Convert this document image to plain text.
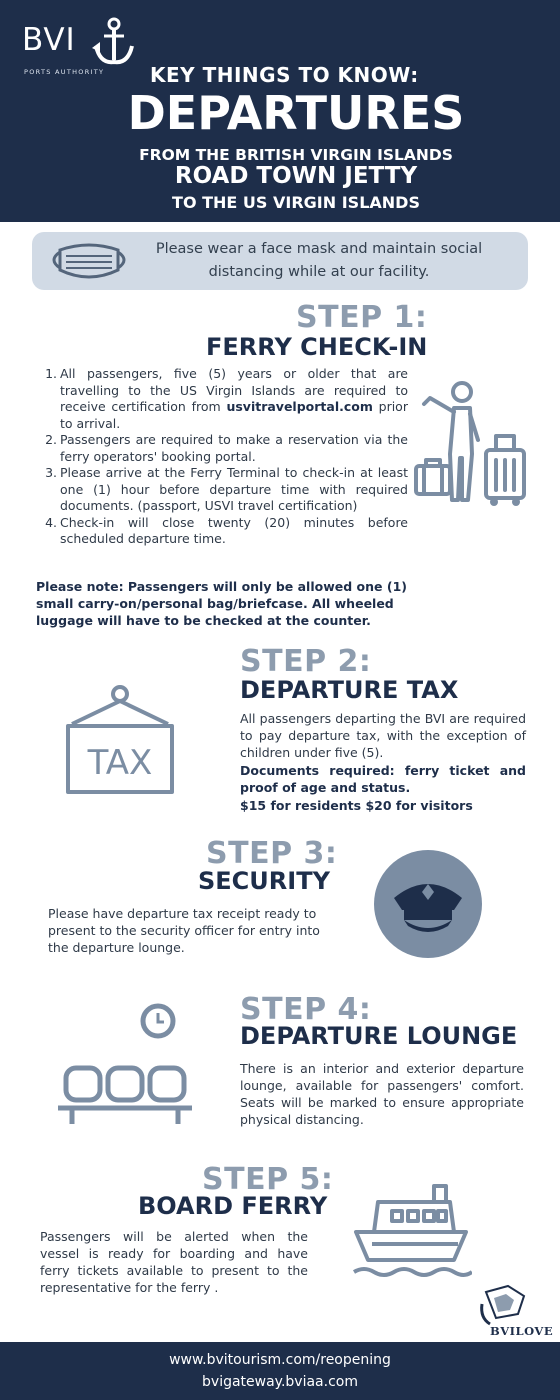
BVI
PORTS AUTHORITY KEY THINGS TO KNOW:
DEPARTURES
FROM THE BRITISH VIRGIN ISLANDS
ROAD TOWN JETTY
TO THE US VIRGIN ISLANDS
Please wear a face mask and maintain social
distancing while at our facility.
STEP 1:
FERRY CHECK-IN
1. All passengers, five (5) years or older that are travelling to the US Virgin Islands are required to receive certification from usvitravelportal.com prior to arrival.
2. Passengers are required to make a reservation via the ferry operators' booking portal.
3. Please arrive at the Ferry Terminal to check-in at least one (1) hour before departure time with required documents. (passport, USVI travel certification)
4. Check-in will close twenty (20) minutes before scheduled departure time.
Please note: Passengers will only be allowed one (1) small carry-on/personal bag/briefcase. All wheeled luggage will have to be checked at the counter.
STEP 2:
DEPARTURE TAX
TAX
All passengers departing the BVI are required to pay departure tax, with the exception of children under five (5).
Documents required: ferry ticket and proof of age and status.
$15 for residents $20 for visitors
STEP 3:
SECURITY
Please have departure tax receipt ready to present to the security officer for entry into the departure lounge.
STEP 4:
DEPARTURE LOUNGE
There is an interior and exterior departure lounge, available for passengers' comfort. Seats will be marked to ensure appropriate physical distancing.
STEP 5:
BOARD FERRY
Passengers will be alerted when the vessel is ready for boarding and have ferry tickets available to present to the representative for the ferry .
BVILOVE
www.bvitourism.com/reopening
bvigateway.bviaa.com
